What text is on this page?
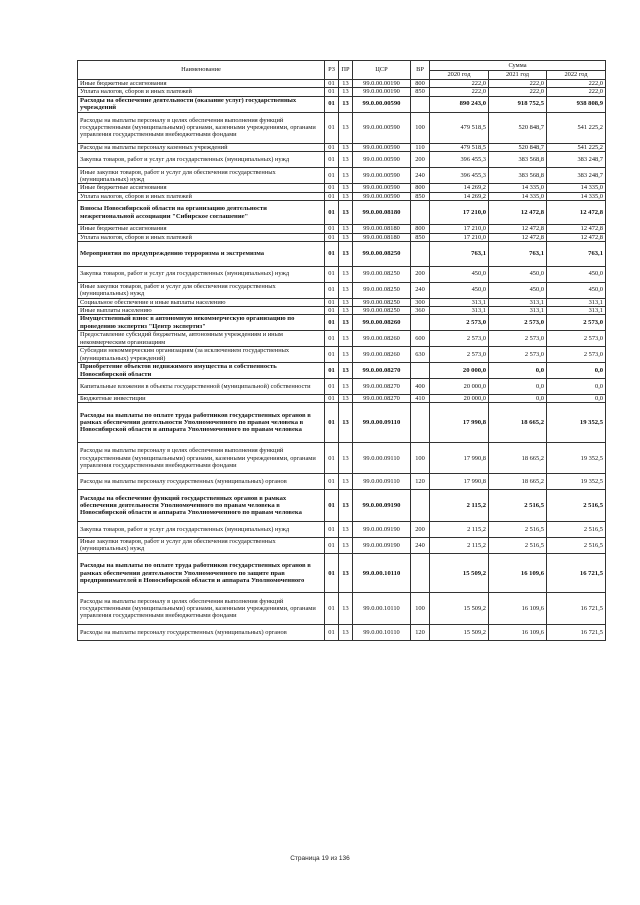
Наименование	РЗ	ПР	ЦСР	ВР	Сумма		
					2020 год	2021 год	2022 год
Иные бюджетные ассигнования	01	13	99.0.00.00190	800	222,0	222,0	222,0
Уплата налогов, сборов и иных платежей	01	13	99.0.00.00190	850	222,0	222,0	222,0
Расходы на обеспечение деятельности (оказание услуг) государственных учреждений	01	13	99.0.00.00590		890 243,0	918 752,5	938 808,9
Расходы на выплаты персоналу в целях обеспечения выполнения функций государственными (муниципальными) органами, казенными учреждениями, органами управления государственными внебюджетными фондами	01	13	99.0.00.00590	100	479 518,5	520 848,7	541 225,2
Расходы на выплаты персоналу казенных учреждений	01	13	99.0.00.00590	110	479 518,5	520 848,7	541 225,2
Закупка товаров, работ и услуг для государственных (муниципальных) нужд	01	13	99.0.00.00590	200	396 455,3	383 568,8	383 248,7
Иные закупки товаров, работ и услуг для обеспечения государственных (муниципальных) нужд	01	13	99.0.00.00590	240	396 455,3	383 568,8	383 248,7
Иные бюджетные ассигнования	01	13	99.0.00.00590	800	14 269,2	14 335,0	14 335,0
Уплата налогов, сборов и иных платежей	01	13	99.0.00.00590	850	14 269,2	14 335,0	14 335,0
Взносы Новосибирской области на организацию деятельности межрегиональной ассоциации "Сибирское соглашение"	01	13	99.0.00.08180		17 210,0	12 472,8	12 472,8
Иные бюджетные ассигнования	01	13	99.0.00.08180	800	17 210,0	12 472,8	12 472,8
Уплата налогов, сборов и иных платежей	01	13	99.0.00.08180	850	17 210,0	12 472,8	12 472,8
Мероприятия по предупреждению терроризма и экстремизма	01	13	99.0.00.08250		763,1	763,1	763,1
Закупка товаров, работ и услуг для государственных (муниципальных) нужд	01	13	99.0.00.08250	200	450,0	450,0	450,0
Иные закупки товаров, работ и услуг для обеспечения государственных (муниципальных) нужд	01	13	99.0.00.08250	240	450,0	450,0	450,0
Социальное обеспечение и иные выплаты населению	01	13	99.0.00.08250	300	313,1	313,1	313,1
Иные выплаты населению	01	13	99.0.00.08250	360	313,1	313,1	313,1
Имущественный взнос в автономную некоммерческую организацию по проведению экспертиз "Центр экспертиз"	01	13	99.0.00.08260		2 573,0	2 573,0	2 573,0
Предоставление субсидий бюджетным, автономным учреждениям и иным некоммерческим организациям	01	13	99.0.00.08260	600	2 573,0	2 573,0	2 573,0
Субсидии некоммерческим организациям (за исключением государственных (муниципальных) учреждений)	01	13	99.0.00.08260	630	2 573,0	2 573,0	2 573,0
Приобретение объектов недвижимого имущества в собственность Новосибирской области	01	13	99.0.00.08270		20 000,0	0,0	0,0
Капитальные вложения в объекты государственной (муниципальной) собственности	01	13	99.0.00.08270	400	20 000,0	0,0	0,0
Бюджетные инвестиции	01	13	99.0.00.08270	410	20 000,0	0,0	0,0
Расходы на выплаты по оплате труда работников государственных органов в рамках обеспечения деятельности Уполномоченного по правам человека в Новосибирской области и аппарата Уполномоченного по правам человека	01	13	99.0.00.09110		17 990,8	18 665,2	19 352,5
Расходы на выплаты персоналу в целях обеспечения выполнения функций государственными (муниципальными) органами, казенными учреждениями, органами управления государственными внебюджетными фондами	01	13	99.0.00.09110	100	17 990,8	18 665,2	19 352,5
Расходы на выплаты персоналу государственных (муниципальных) органов	01	13	99.0.00.09110	120	17 990,8	18 665,2	19 352,5
Расходы на обеспечение функций государственных органов в рамках обеспечения деятельности Уполномоченного по правам человека в Новосибирской области и аппарата Уполномоченного по правам человека	01	13	99.0.00.09190		2 115,2	2 516,5	2 516,5
Закупка товаров, работ и услуг для государственных (муниципальных) нужд	01	13	99.0.00.09190	200	2 115,2	2 516,5	2 516,5
Иные закупки товаров, работ и услуг для обеспечения государственных (муниципальных) нужд	01	13	99.0.00.09190	240	2 115,2	2 516,5	2 516,5
Расходы на выплаты по оплате труда работников государственных органов в рамках обеспечения деятельности Уполномоченного по защите прав предпринимателей в Новосибирской области и аппарата Уполномоченного	01	13	99.0.00.10110		15 509,2	16 109,6	16 721,5
Расходы на выплаты персоналу в целях обеспечения выполнения функций государственными (муниципальными) органами, казенными учреждениями, органами управления государственными внебюджетными фондами	01	13	99.0.00.10110	100	15 509,2	16 109,6	16 721,5
Расходы на выплаты персоналу государственных (муниципальных) органов	01	13	99.0.00.10110	120	15 509,2	16 109,6	16 721,5
Страница 19 из 136
